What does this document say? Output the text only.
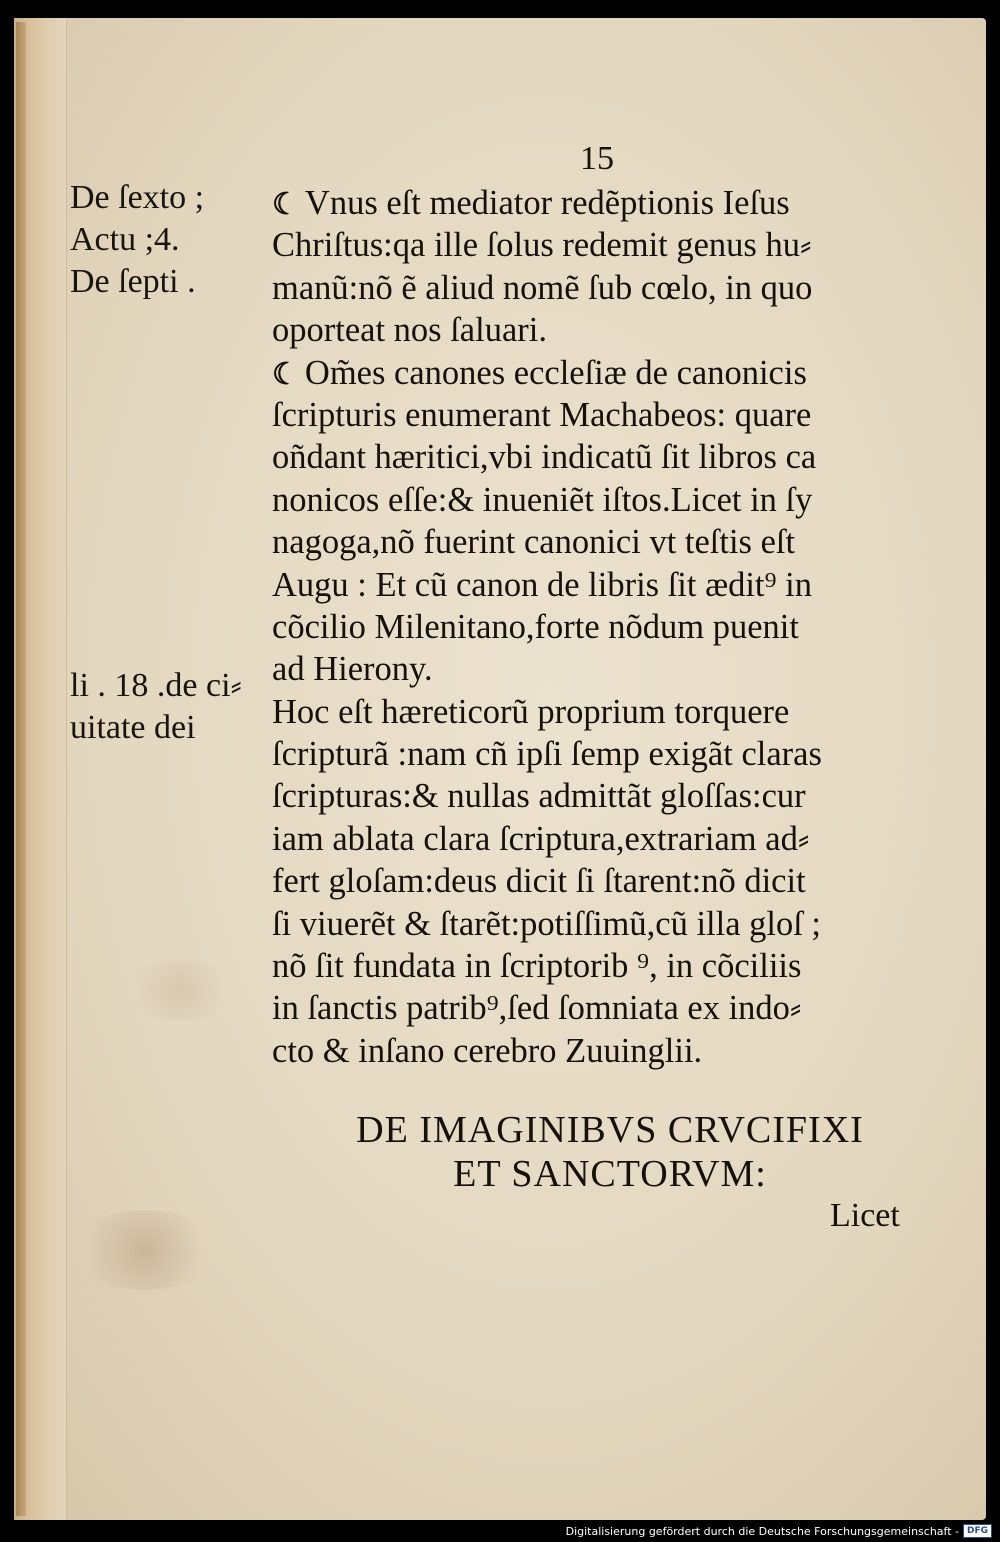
15
De ſexto ;
Actu ;4.
De ſepti .
li . 18 .de ci⸗
uitate dei
☾ Vnus eſt mediator redẽptionis Ieſus
Chriſtus:qa ille ſolus redemit genus hu⸗
manũ:nõ ẽ aliud nomẽ ſub cœlo, in quo
oporteat nos ſaluari.
☾ Om̃es canones eccleſiæ de canonicis
ſcripturis enumerant Machabeos: quare
oñdant hæritici,vbi indicatũ ſit libros ca
nonicos eſſe:& inueniẽt iſtos.Licet in ſy
nagoga,nõ fuerint canonici vt teſtis eſt
Augu : Et cũ canon de libris ſit ædit⁹ in
cõcilio Milenitano,forte nõdum puenit
ad Hierony.
Hoc eſt hæreticorũ proprium torquere
ſcripturã :nam cñ ipſi ſemp exigãt claras
ſcripturas:& nullas admittãt gloſſas:cur
iam ablata clara ſcriptura,extrariam ad⸗
fert gloſam:deus dicit ſi ſtarent:nõ dicit
ſi viuerẽt & ſtarẽt:potiſſimũ,cũ illa gloſ ;
nõ ſit fundata in ſcriptorib ⁹, in cõciliis
in ſanctis patrib⁹,ſed ſomniata ex indo⸗
cto & inſano cerebro Zuuinglii.
DE IMAGINIBVS CRVCIFIXI
ET SANCTORVM:
Licet
Digitalisierung gefördert durch die Deutsche Forschungsgemeinschaft - DFG
